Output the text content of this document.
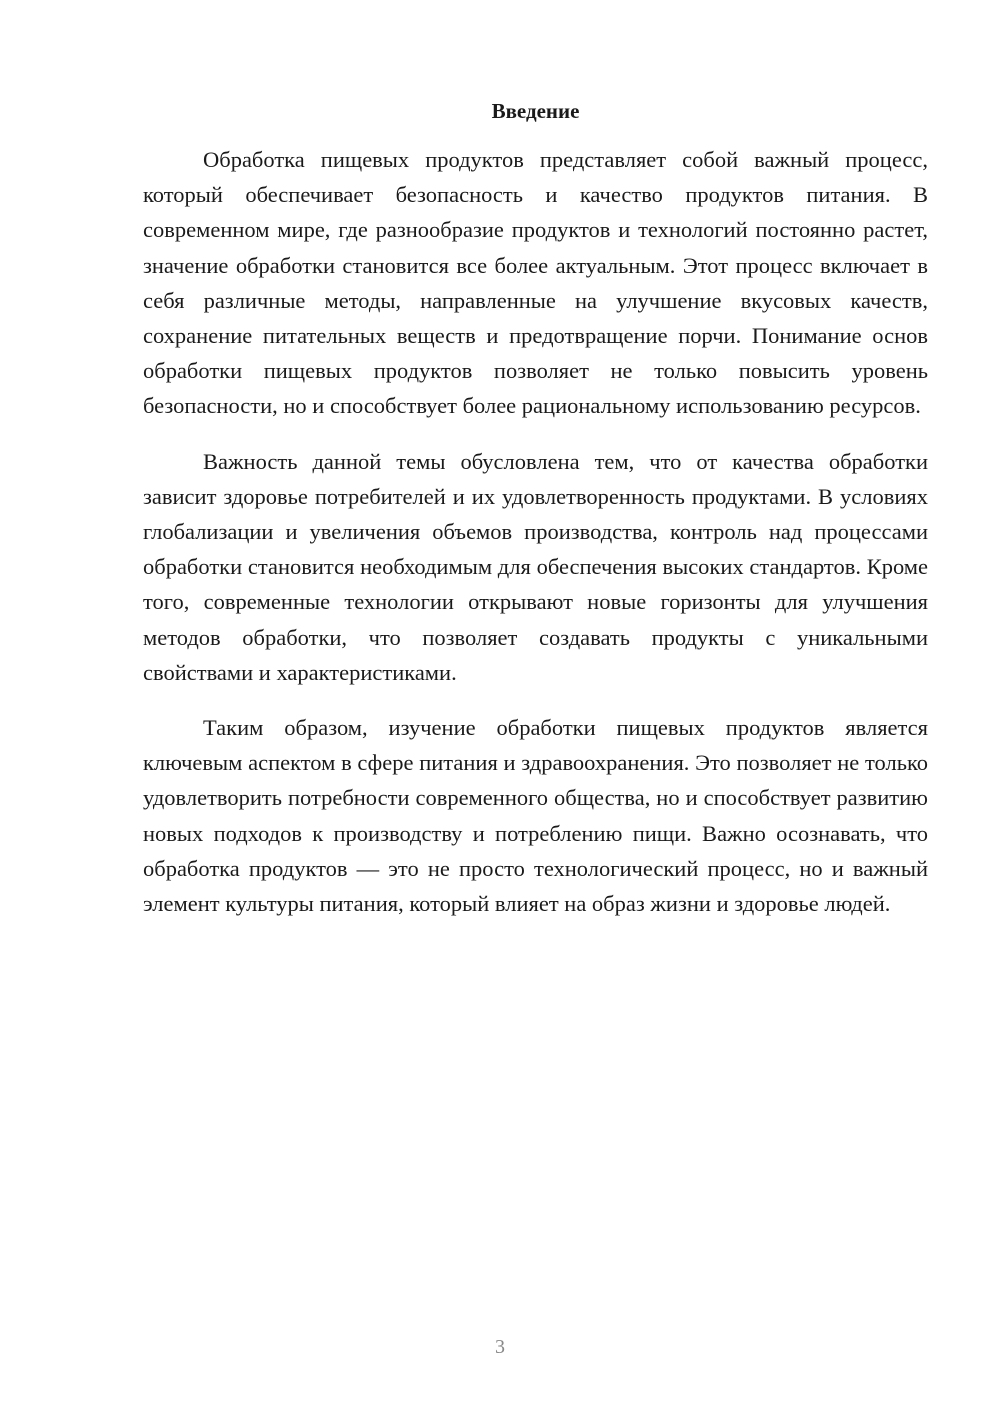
Введение

Обработка пищевых продуктов представляет собой важный процесс, который обеспечивает безопасность и качество продуктов питания. В современном мире, где разнообразие продуктов и технологий постоянно растет, значение обработки становится все более актуальным. Этот процесс включает в себя различные методы, направленные на улучшение вкусовых качеств, сохранение питательных веществ и предотвращение порчи. Понимание основ обработки пищевых продуктов позволяет не только повысить уровень безопасности, но и способствует более рациональному использованию ресурсов.

Важность данной темы обусловлена тем, что от качества обработки зависит здоровье потребителей и их удовлетворенность продуктами. В условиях глобализации и увеличения объемов производства, контроль над процессами обработки становится необходимым для обеспечения высоких стандартов. Кроме того, современные технологии открывают новые горизонты для улучшения методов обработки, что позволяет создавать продукты с уникальными свойствами и характеристиками.

Таким образом, изучение обработки пищевых продуктов является ключевым аспектом в сфере питания и здравоохранения. Это позволяет не только удовлетворить потребности современного общества, но и способствует развитию новых подходов к производству и потреблению пищи. Важно осознавать, что обработка продуктов — это не просто технологический процесс, но и важный элемент культуры питания, который влияет на образ жизни и здоровье людей.

3
